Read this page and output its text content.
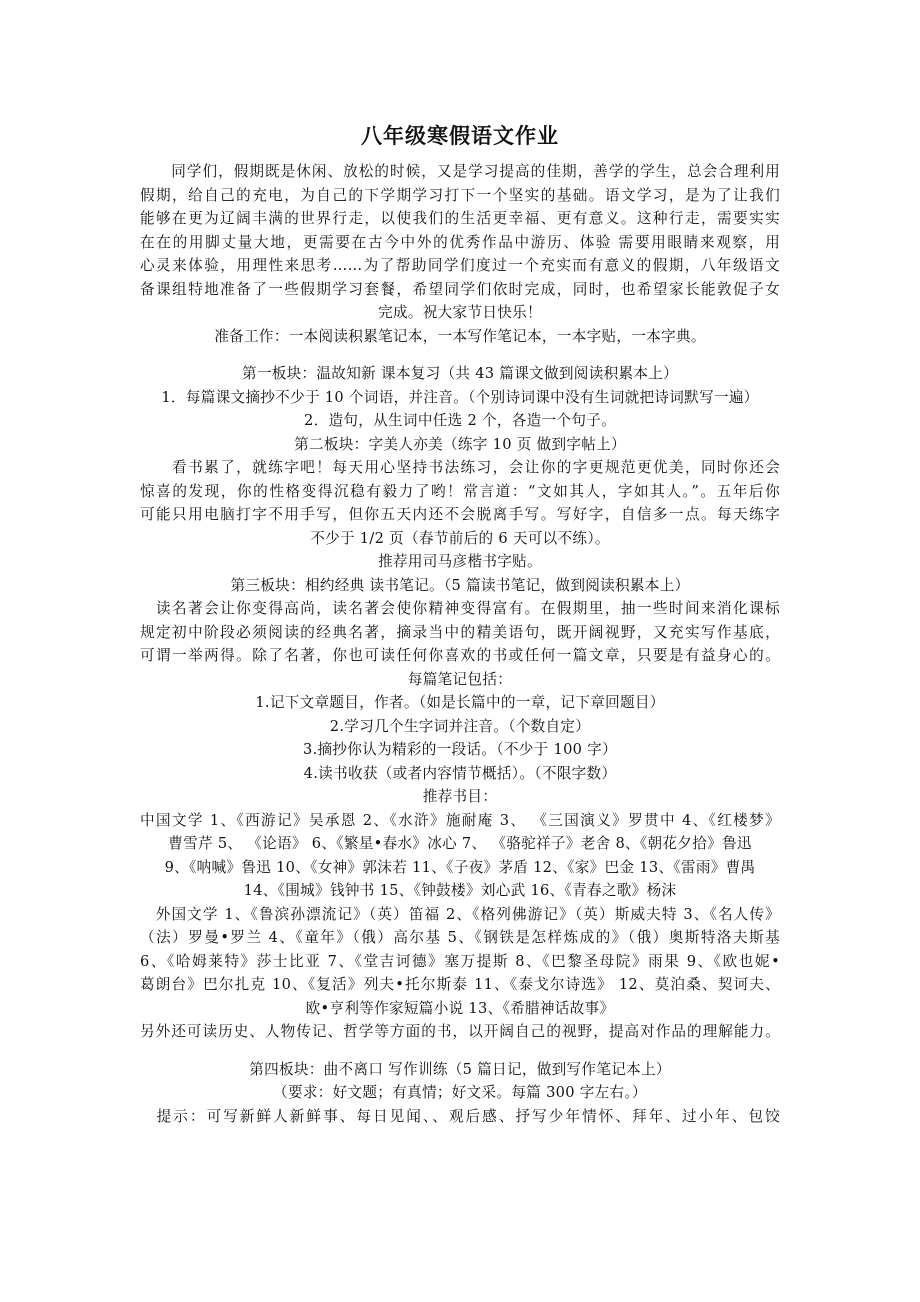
八年级寒假语文作业
　　同学们，假期既是休闲、放松的时候，又是学习提高的佳期，善学的学生，总会合理利用
假期，给自己的充电，为自己的下学期学习打下一个坚实的基础。语文学习，是为了让我们
能够在更为辽阔丰满的世界行走，以使我们的生活更幸福、更有意义。这种行走，需要实实
在在的用脚丈量大地，更需要在古今中外的优秀作品中游历、体验 需要用眼睛来观察，用
心灵来体验，用理性来思考……为了帮助同学们度过一个充实而有意义的假期，八年级语文
备课组特地准备了一些假期学习套餐，希望同学们依时完成，同时，也希望家长能敦促子女
完成。祝大家节日快乐！
准备工作：一本阅读积累笔记本，一本写作笔记本，一本字贴，一本字典。
第一板块：温故知新 课本复习（共 43 篇课文做到阅读积累本上）
1．每篇课文摘抄不少于 10 个词语，并注音。（个别诗词课中没有生词就把诗词默写一遍）
2．造句，从生词中任选 2 个，各造一个句子。
第二板块：字美人亦美（练字 10 页 做到字帖上）
　　看书累了，就练字吧！每天用心坚持书法练习，会让你的字更规范更优美，同时你还会
惊喜的发现，你的性格变得沉稳有毅力了哟！常言道：“文如其人，字如其人。”。五年后你
可能只用电脑打字不用手写，但你五天内还不会脱离手写。写好字，自信多一点。每天练字
不少于 1/2 页（春节前后的 6 天可以不练）。
推荐用司马彦楷书字贴。
第三板块：相约经典 读书笔记。（5 篇读书笔记，做到阅读积累本上）
　读名著会让你变得高尚，读名著会使你精神变得富有。在假期里，抽一些时间来消化课标
规定初中阶段必须阅读的经典名著，摘录当中的精美语句，既开阔视野，又充实写作基底，
可谓一举两得。除了名著，你也可读任何你喜欢的书或任何一篇文章，只要是有益身心的。
每篇笔记包括：
1.记下文章题目，作者。（如是长篇中的一章，记下章回题目）
2.学习几个生字词并注音。（个数自定）
3.摘抄你认为精彩的一段话。（不少于 100 字）
4.读书收获（或者内容情节概括）。（不限字数）
推荐书目：
中国文学 1、《西游记》吴承恩 2、《水浒》施耐庵 3、 《三国演义》罗贯中 4、《红楼梦》
曹雪芹 5、 《论语》 6、《繁星•春水》冰心 7、 《骆驼祥子》老舍 8、《朝花夕拾》鲁迅
9、《呐喊》鲁迅 10、《女神》郭沫若 11、《子夜》茅盾 12、《家》巴金 13、《雷雨》曹禺
14、《围城》钱钟书 15、《钟鼓楼》刘心武 16、《青春之歌》杨沫
　外国文学 1、《鲁滨孙漂流记》（英）笛福 2、《格列佛游记》（英）斯威夫特 3、《名人传》
（法）罗曼•罗兰 4、《童年》（俄）高尔基 5、《钢铁是怎样炼成的》（俄）奥斯特洛夫斯基
6、《哈姆莱特》莎士比亚 7、《堂吉诃德》塞万提斯 8、《巴黎圣母院》雨果 9、《欧也妮•
葛朗台》巴尔扎克 10、《复活》列夫•托尔斯泰 11、《泰戈尔诗选》 12、莫泊桑、契诃夫、
欧•亨利等作家短篇小说 13、《希腊神话故事》
另外还可读历史、人物传记、哲学等方面的书，以开阔自己的视野，提高对作品的理解能力。
第四板块：曲不离口 写作训练（5 篇日记，做到写作笔记本上）
（要求：好文题；有真情；好文采。每篇 300 字左右。）
　提示：可写新鲜人新鲜事、每日见闻、、观后感、抒写少年情怀、拜年、过小年、包饺
